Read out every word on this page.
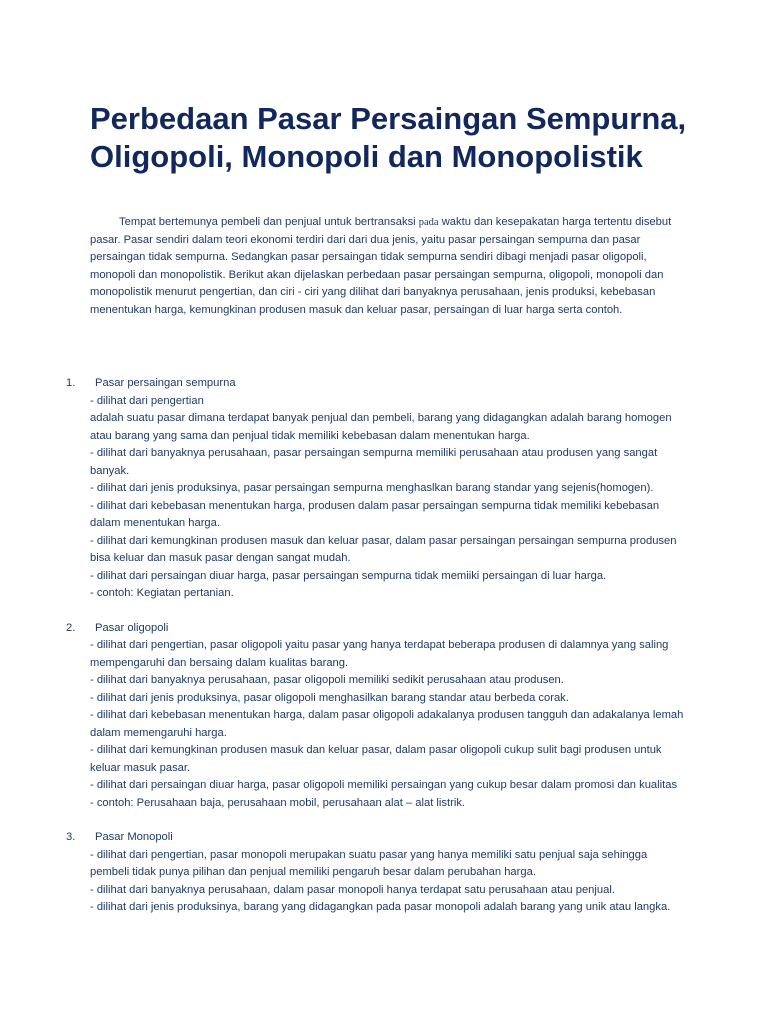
Perbedaan Pasar Persaingan Sempurna, Oligopoli, Monopoli dan Monopolistik

Tempat bertemunya pembeli dan penjual untuk bertransaksi pada waktu dan kesepakatan harga tertentu disebut pasar. Pasar sendiri dalam teori ekonomi terdiri dari dari dua jenis, yaitu pasar persaingan sempurna dan pasar persaingan tidak sempurna. Sedangkan pasar persaingan tidak sempurna sendiri dibagi menjadi pasar oligopoli, monopoli dan monopolistik. Berikut akan dijelaskan perbedaan pasar persaingan sempurna, oligopoli, monopoli dan monopolistik menurut pengertian, dan ciri - ciri yang dilihat dari banyaknya perusahaan, jenis produksi, kebebasan menentukan harga, kemungkinan produsen masuk dan keluar pasar, persaingan di luar harga serta contoh.

1.	Pasar persaingan sempurna
- dilihat dari pengertian
adalah suatu pasar dimana terdapat banyak penjual dan pembeli, barang yang didagangkan adalah barang homogen atau barang yang sama dan penjual tidak memiliki kebebasan dalam menentukan harga.
- dilihat dari banyaknya perusahaan, pasar persaingan sempurna memiliki perusahaan atau produsen yang sangat banyak.
- dilihat dari jenis produksinya, pasar persaingan sempurna menghaslkan barang standar yang sejenis(homogen).
- dilihat dari kebebasan menentukan harga, produsen dalam pasar persaingan sempurna tidak memiliki kebebasan dalam menentukan harga.
- dilihat dari kemungkinan produsen masuk dan keluar pasar, dalam pasar persaingan persaingan sempurna produsen bisa keluar dan masuk pasar dengan sangat mudah.
- dilihat dari persaingan diuar harga, pasar persaingan sempurna tidak memiiki persaingan di luar harga.
- contoh: Kegiatan pertanian.
2.	Pasar oligopoli
- dilihat dari pengertian, pasar oligopoli yaitu pasar yang hanya terdapat beberapa produsen di dalamnya yang saling mempengaruhi dan bersaing dalam kualitas barang.
- dilihat dari banyaknya perusahaan, pasar oligopoli memiliki sedikit perusahaan atau produsen.
- dilihat dari jenis produksinya, pasar oligopoli menghasilkan barang standar atau berbeda corak.
- dilihat dari kebebasan menentukan harga, dalam pasar oligopoli adakalanya produsen tangguh dan adakalanya lemah dalam memengaruhi harga.
- dilihat dari kemungkinan produsen masuk dan keluar pasar, dalam pasar oligopoli cukup sulit bagi produsen untuk keluar masuk pasar.
- dilihat dari persaingan diuar harga, pasar oligopoli memiliki persaingan yang cukup besar dalam promosi dan kualitas
- contoh: Perusahaan baja, perusahaan mobil, perusahaan alat – alat listrik.
3.	Pasar Monopoli
- dilihat dari pengertian, pasar monopoli merupakan suatu pasar yang hanya memiliki satu penjual saja sehingga pembeli tidak punya pilihan dan penjual memiliki pengaruh besar dalam perubahan harga.
- dilihat dari banyaknya perusahaan, dalam pasar monopoli hanya terdapat satu perusahaan atau penjual.
- dilihat dari jenis produksinya, barang yang didagangkan pada pasar monopoli adalah barang yang unik atau langka.
